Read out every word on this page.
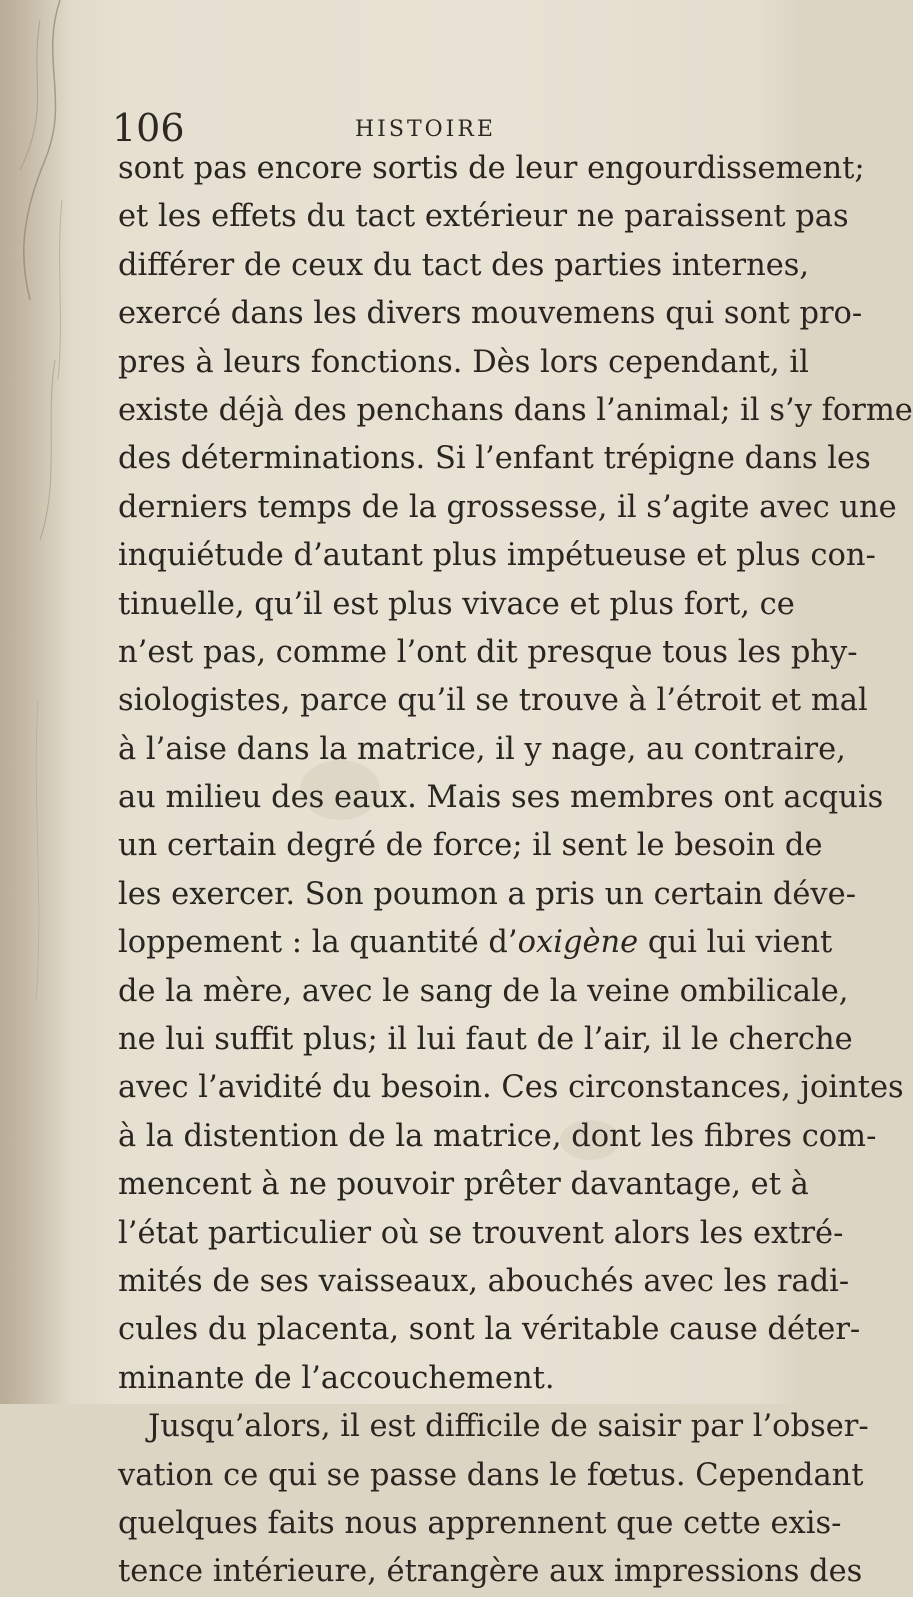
106	HISTOIRE
sont pas encore sortis de leur engourdissement;
et les effets du tact extérieur ne paraissent pas
différer de ceux du tact des parties internes,
exercé dans les divers mouvemens qui sont pro-
pres à leurs fonctions. Dès lors cependant, il
existe déjà des penchans dans l’animal; il s’y forme
des déterminations. Si l’enfant trépigne dans les
derniers temps de la grossesse, il s’agite avec une
inquiétude d’autant plus impétueuse et plus con-
tinuelle, qu’il est plus vivace et plus fort, ce
n’est pas, comme l’ont dit presque tous les phy-
siologistes, parce qu’il se trouve à l’étroit et mal
à l’aise dans la matrice, il y nage, au contraire,
au milieu des eaux. Mais ses membres ont acquis
un certain degré de force; il sent le besoin de
les exercer. Son poumon a pris un certain déve-
loppement : la quantité d’oxigène qui lui vient
de la mère, avec le sang de la veine ombilicale,
ne lui suffit plus; il lui faut de l’air, il le cherche
avec l’avidité du besoin. Ces circonstances, jointes
à la distention de la matrice, dont les fibres com-
mencent à ne pouvoir prêter davantage, et à
l’état particulier où se trouvent alors les extré-
mités de ses vaisseaux, abouchés avec les radi-
cules du placenta, sont la véritable cause déter-
minante de l’accouchement.
Jusqu’alors, il est difficile de saisir par l’obser-
vation ce qui se passe dans le fœtus. Cependant
quelques faits nous apprennent que cette exis-
tence intérieure, étrangère aux impressions des
